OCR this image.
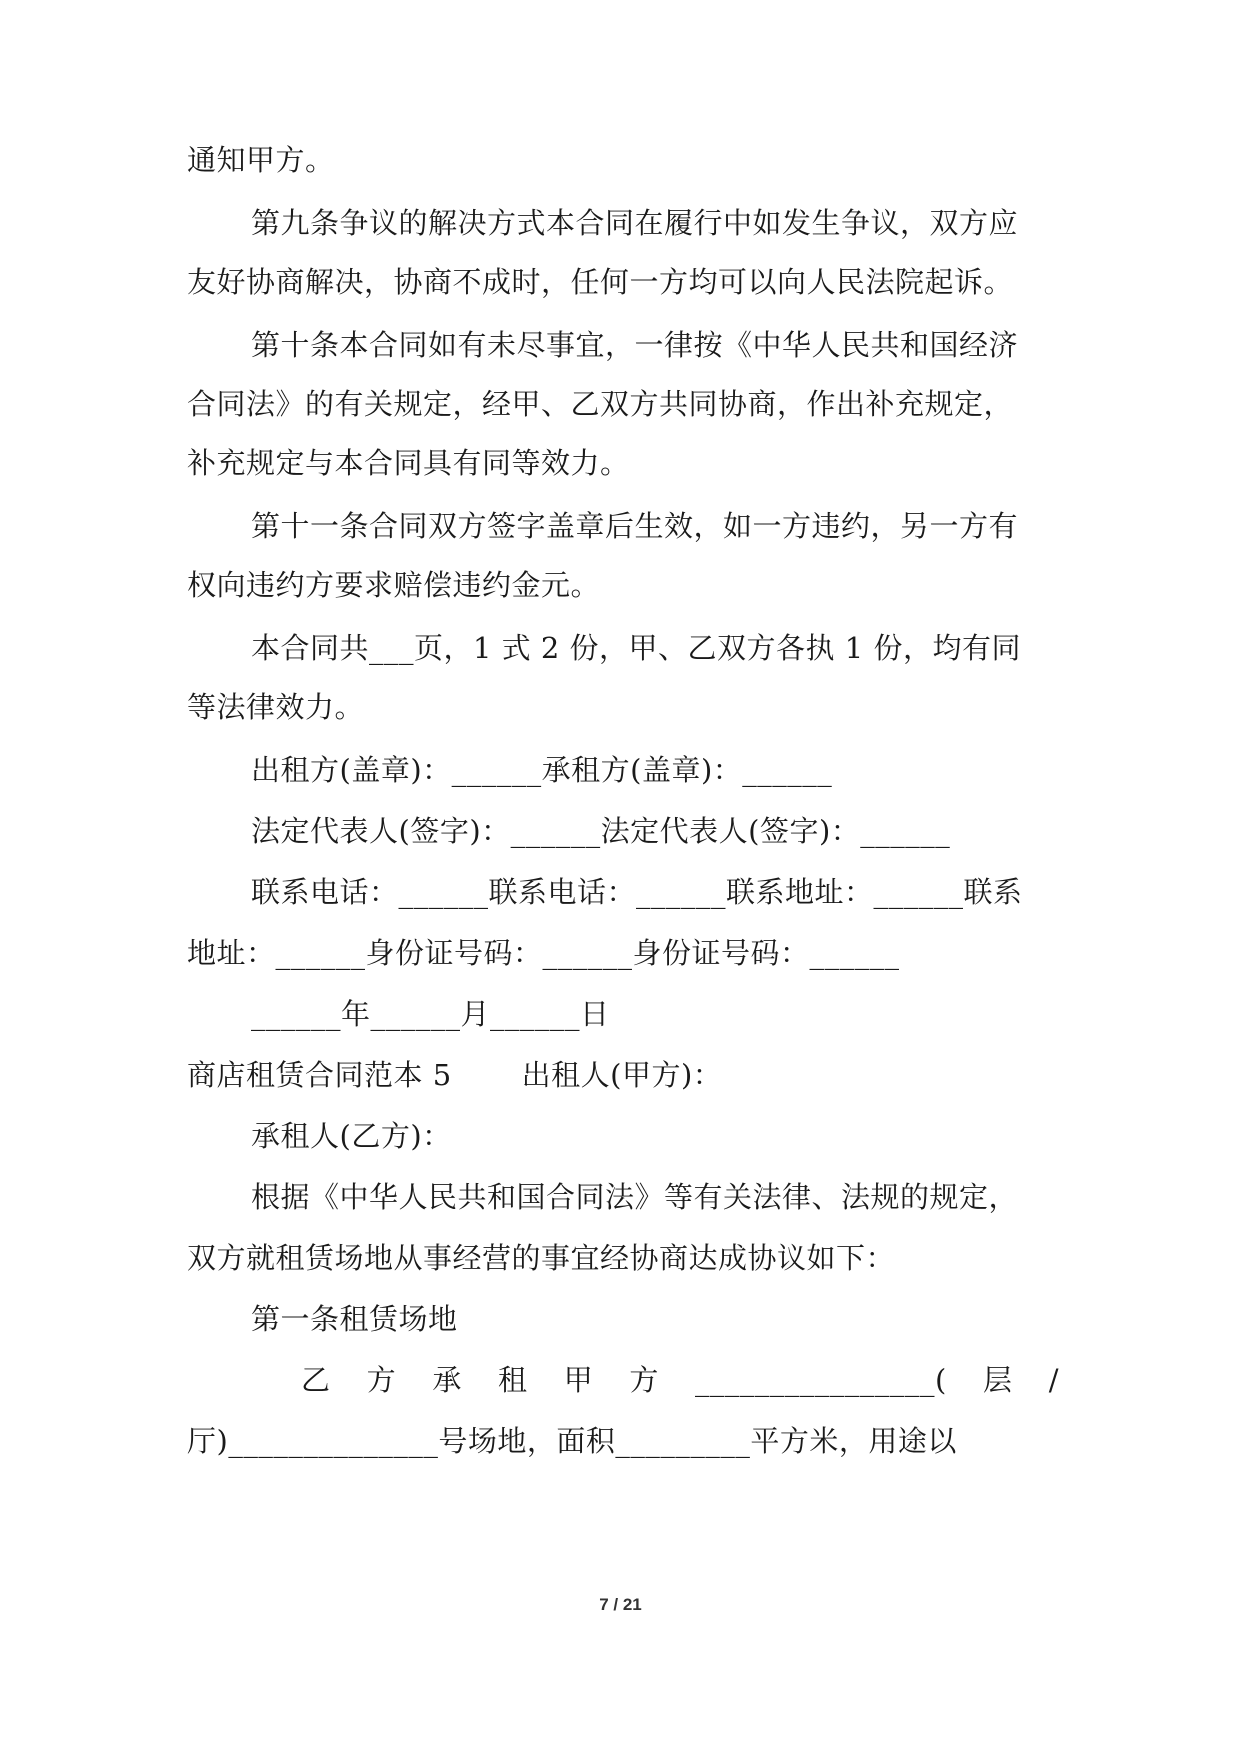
通知甲方。
第九条争议的解决方式本合同在履行中如发生争议，双方应
友好协商解决，协商不成时，任何一方均可以向人民法院起诉。
第十条本合同如有未尽事宜，一律按《中华人民共和国经济
合同法》的有关规定，经甲、乙双方共同协商，作出补充规定，
补充规定与本合同具有同等效力。
第十一条合同双方签字盖章后生效，如一方违约，另一方有
权向违约方要求赔偿违约金元。
本合同共___页，1 式 2 份，甲、乙双方各执 1 份，均有同
等法律效力。
出租方(盖章)：______承租方(盖章)：______
法定代表人(签字)：______法定代表人(签字)：______
联系电话：______联系电话：______联系地址：______联系
地址：______身份证号码：______身份证号码：______
______年______月______日
商店租赁合同范本 5 出租人(甲方)：
承租人(乙方)：
根据《中华人民共和国合同法》等有关法律、法规的规定，
双方就租赁场地从事经营的事宜经协商达成协议如下：
第一条租赁场地
乙 方 承 租 甲 方 ________________( 层 /
厅)______________号场地，面积_________平方米，用途以
7 / 21
